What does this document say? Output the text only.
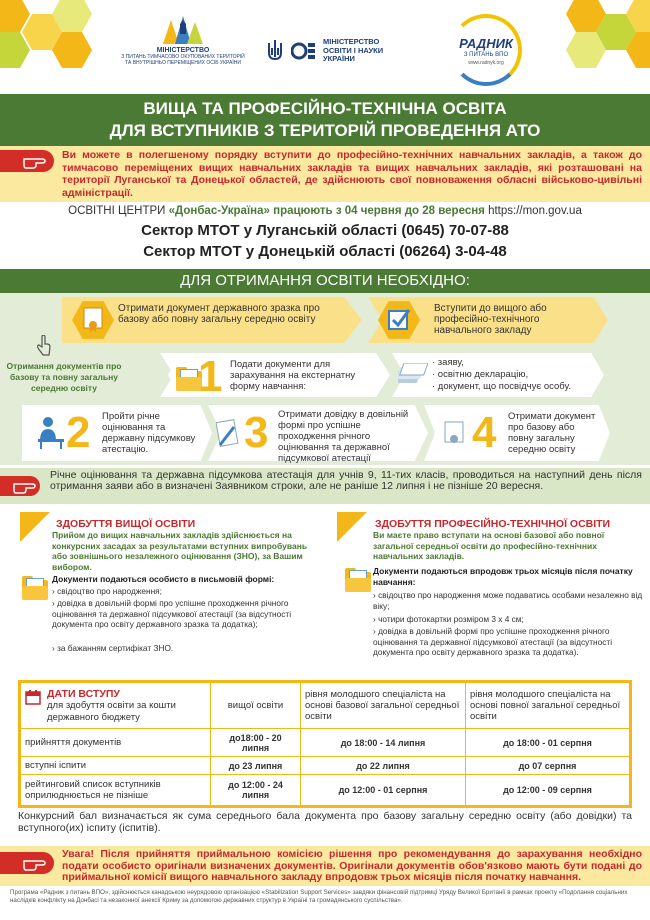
МІНІСТЕРСТВО
З ПИТАНЬ ТИМЧАСОВО ОКУПОВАНИХ ТЕРИТОРІЙ
ТА ВНУТРІШНЬО ПЕРЕМІЩЕНИХ ОСІБ УКРАЇНИ
МІНІСТЕРСТВО
ОСВІТИ І НАУКИ
УКРАЇНИ
РАДНИК
З ПИТАНЬ ВПО
www.radnyk.org
ВИЩА ТА ПРОФЕСІЙНО-ТЕХНІЧНА ОСВІТА
ДЛЯ ВСТУПНИКІВ З ТЕРИТОРІЙ ПРОВЕДЕННЯ АТО
Ви можете в полегшеному порядку вступити до професійно-технічних навчальних закладів, а також до тимчасово переміщених вищих навчальних закладів та вищих навчальних закладів, які розташовані на території Луганської та Донецької областей, де здійснюють свої повноваження обласні військово-цивільні адміністрації.
ОСВІТНІ ЦЕНТРИ «Донбас-Україна» працюють з 04 червня до 28 вересня https://mon.gov.ua
Сектор МТОТ у Луганській області (0645) 70-07-88
Сектор МТОТ у Донецькій області (06264) 3-04-48
ДЛЯ ОТРИМАННЯ ОСВІТИ НЕОБХІДНО:
Отримати документ державного зразка про базову або повну загальну середню освіту
Вступити до вищого або професійно-технічного навчального закладу
Отримання документів про базову та повну загальну середню освіту	1 Подати документи для зарахування на екстернатну форму навчання:
· заяву,
· освітню декларацію,
· документ, що посвідчує особу.
2 Пройти річне оцінювання та державну підсумкову атестацію.	3 Отримати довідку в довільній формі про успішне проходження річного оцінювання та державної підсумкової атестації
4 Отримати документ про базову або повну загальну середню освіту
Річне оцінювання та державна підсумкова атестація для учнів 9, 11-тих класів, проводиться на наступний день після отримання заяви або в визначені Заявником строки, але не раніше 12 липня і не пізніше 20 вересня.
ЗДОБУТТЯ ВИЩОЇ ОСВІТИ
Прийом до вищих навчальних закладів здійснюється на конкурсних засадах за результатами вступних випробувань або зовнішнього незалежного оцінювання (ЗНО), за Вашим вибором.
Документи подаються особисто в письмовій формі:
› свідоцтво про народження;
› довідка в довільній формі про успішне проходження річного оцінювання та державної підсумкової атестації (за відсутності документа про освіту державного зразка та додатка);
› за бажанням сертифікат ЗНО.
ЗДОБУТТЯ ПРОФЕСІЙНО-ТЕХНІЧНОЇ ОСВІТИ
Ви маєте право вступати на основі базової або повної загальної середньої освіти до професійно-технічних навчальних закладів.
Документи подаються впродовж трьох місяців після початку навчання:
› свідоцтво про народження може подаватись особами незалежно від віку;
› чотири фотокартки розміром 3 х 4 см;
› довідка в довільній формі про успішне проходження річного оцінювання та державної підсумкової атестації (за відсутності документа про освіту державного зразка та додатка).
ДАТИ ВСТУПУ
для здобуття освіти за кошти державного бюджету	вищої освіти	рівня молодшого спеціаліста на основі базової загальної середньої освіти	рівня молодшого спеціаліста на основі повної загальної середньої освіти
прийняття документів	до18:00 - 20 липня	до 18:00 - 14 липня	до 18:00 - 01 серпня
вступні іспити	до 23 липня	до 22 липня	до 07 серпня
рейтинговий список вступників оприлюднюється не пізніше	до 12:00 - 24 липня	до 12:00 - 01 серпня	до 12:00 - 09 серпня
Конкурсний бал визначається як сума середнього бала документа про базову загальну середню освіту (або довідки) та вступного(их) іспиту (іспитів).
Увага! Після прийняття приймальною комісією рішення про рекомендування до зарахування необхідно подати особисто оригінали визначених документів. Оригінали документів обов'язково мають бути подані до приймальної комісії вищого навчального закладу впродовж трьох місяців після початку навчання.
Програма «Радник з питань ВПО», здійснюється канадською неурядовою організацією «Stabilization Support Services» завдяки фінансовій підтримці Уряду Великої Британії в рамках проекту «Подолання соціальних наслідків конфлікту на Донбасі та незаконної анексії Криму за допомогою державних структур в Україні та громадянського суспільства».
